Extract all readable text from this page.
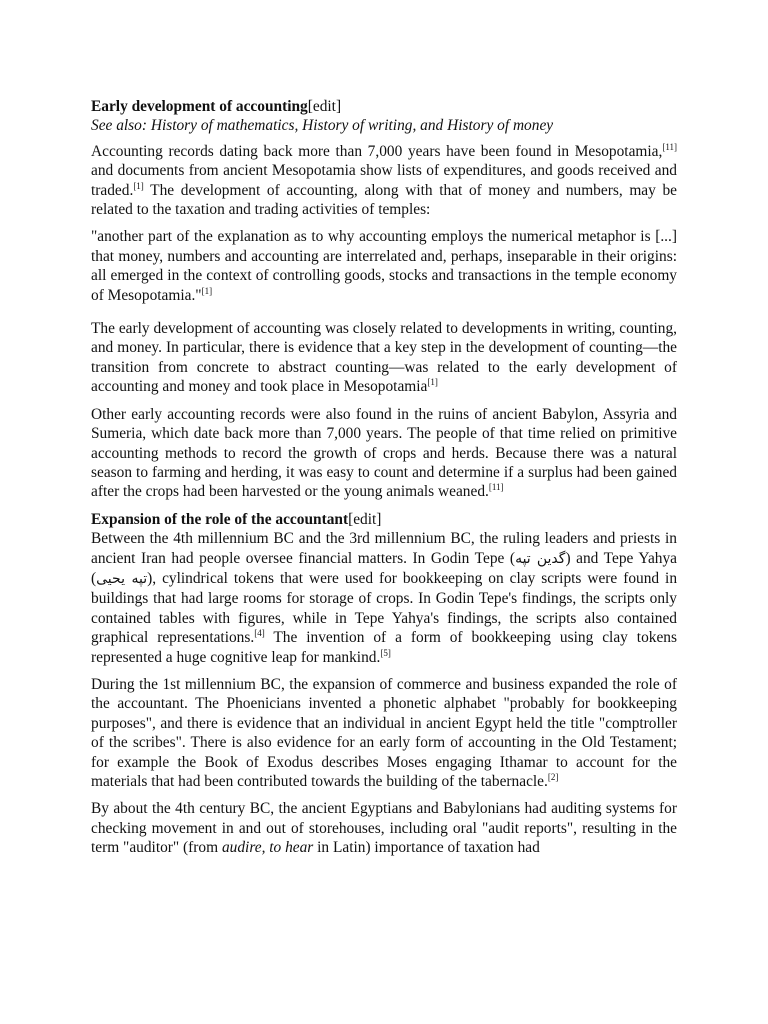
Early development of accounting[edit]
See also: History of mathematics, History of writing, and History of money

Accounting records dating back more than 7,000 years have been found in Mesopotamia,[11] and documents from ancient Mesopotamia show lists of expenditures, and goods received and traded.[1] The development of accounting, along with that of money and numbers, may be related to the taxation and trading activities of temples:

"another part of the explanation as to why accounting employs the numerical metaphor is [...] that money, numbers and accounting are interrelated and, perhaps, inseparable in their origins: all emerged in the context of controlling goods, stocks and transactions in the temple economy of Mesopotamia."[1]

The early development of accounting was closely related to developments in writing, counting, and money. In particular, there is evidence that a key step in the development of counting—the transition from concrete to abstract counting—was related to the early development of accounting and money and took place in Mesopotamia[1]

Other early accounting records were also found in the ruins of ancient Babylon, Assyria and Sumeria, which date back more than 7,000 years. The people of that time relied on primitive accounting methods to record the growth of crops and herds. Because there was a natural season to farming and herding, it was easy to count and determine if a surplus had been gained after the crops had been harvested or the young animals weaned.[11]

Expansion of the role of the accountant[edit]

Between the 4th millennium BC and the 3rd millennium BC, the ruling leaders and priests in ancient Iran had people oversee financial matters. In Godin Tepe (گدین تپه) and Tepe Yahya (تپه یحیی), cylindrical tokens that were used for bookkeeping on clay scripts were found in buildings that had large rooms for storage of crops. In Godin Tepe's findings, the scripts only contained tables with figures, while in Tepe Yahya's findings, the scripts also contained graphical representations.[4] The invention of a form of bookkeeping using clay tokens represented a huge cognitive leap for mankind.[5]

During the 1st millennium BC, the expansion of commerce and business expanded the role of the accountant. The Phoenicians invented a phonetic alphabet "probably for bookkeeping purposes", and there is evidence that an individual in ancient Egypt held the title "comptroller of the scribes". There is also evidence for an early form of accounting in the Old Testament; for example the Book of Exodus describes Moses engaging Ithamar to account for the materials that had been contributed towards the building of the tabernacle.[2]

By about the 4th century BC, the ancient Egyptians and Babylonians had auditing systems for checking movement in and out of storehouses, including oral "audit reports", resulting in the term "auditor" (from audire, to hear in Latin) importance of taxation had
